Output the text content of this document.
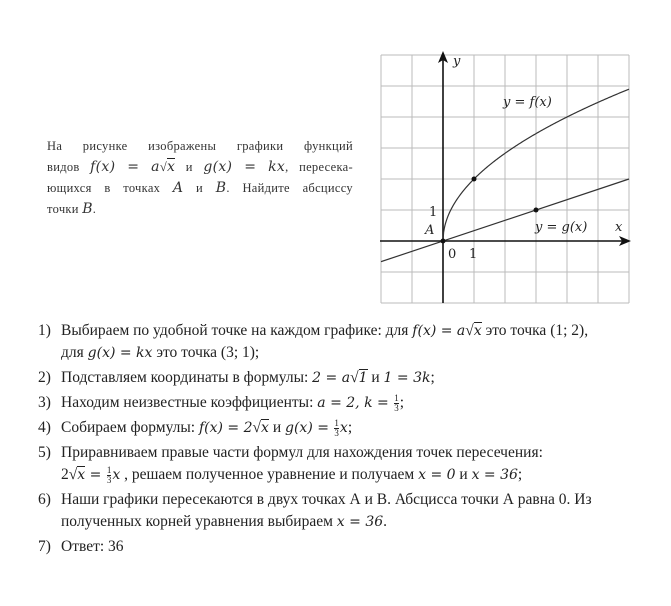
На рисунке изображены графики функций
видов f(x) = a√x и g(x) = kx, пересека-
ющихся в точках A и B. Найдите абсциссу
точки B.
y
x
y = f(x)
y = g(x)
0 1
1
A
1) Выбираем по удобной точке на каждом графике: для f(x) = a√x это точка (1; 2),
для g(x) = kx это точка (3; 1);
2) Подставляем координаты в формулы: 2 = a√1 и 1 = 3k;
3) Находим неизвестные коэффициенты: a = 2, $k = \frac{1}{3}$ ;
4) Собираем формулы: f(x) = 2√x и $g(x) = \frac{1}{3} x$;
5) Приравниваем правые части формул для нахождения точек пересечения:
$2√x = \frac{1}{3}$ x , решаем полученное уравнение и получаем x = 0 и x = 36;
6) Наши графики пересекаются в двух точках А и В. Абсцисса точки А равна 0. Из
полученных корней уравнения выбираем x = 36.
7) Ответ: 36
